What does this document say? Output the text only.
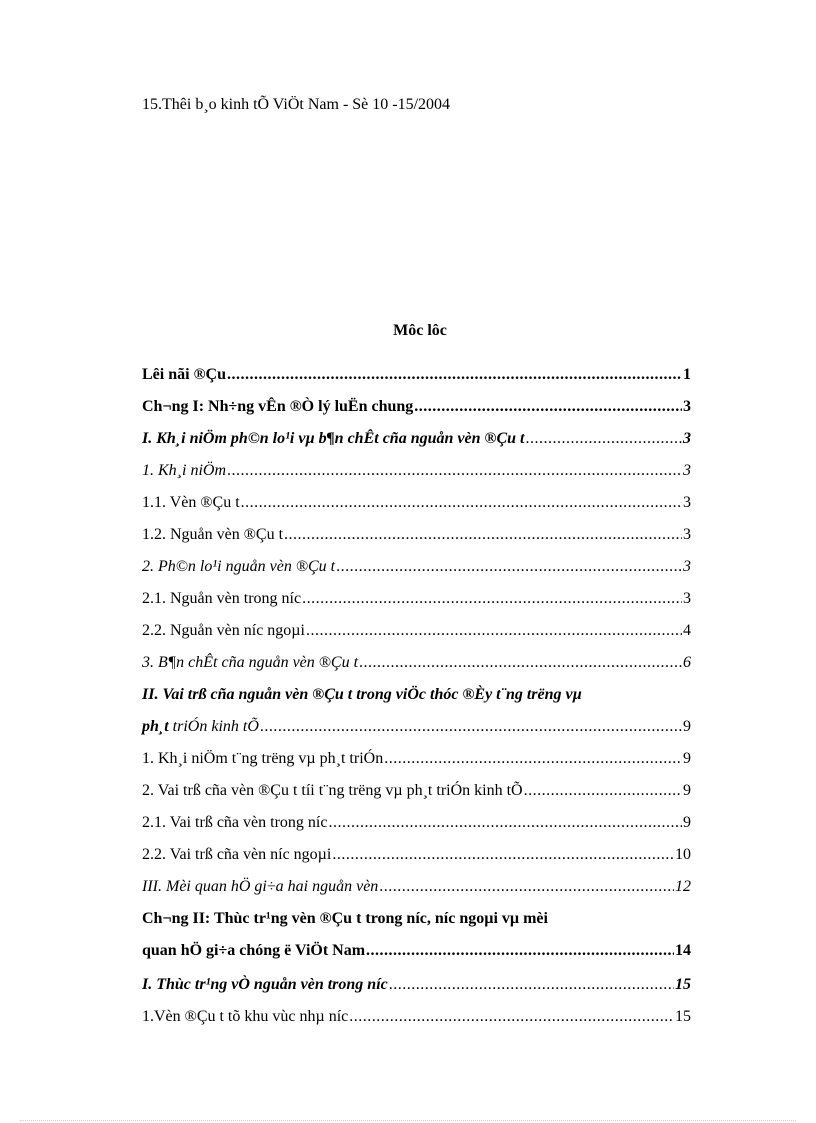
15.Thêi b¸o kinh tÕ ViÖt Nam - Sè 10 -15/2004
Môc lôc
Lêi nãi ®Çu .....	1
Ch¬ng I: Nh÷ng vÊn ®Ò lý luËn chung .....	3
I. Kh¸i niÖm ph©n lo¹i vµ b¶n chÊt cña nguån vèn ®Çu t .....	3
1. Kh¸i niÖm .....	3
1.1. Vèn ®Çu t .....	3
1.2. Nguån vèn ®Çu t .....	3
2. Ph©n lo¹i nguån vèn ®Çu t .....	3
2.1. Nguån vèn trong níc .....	3
2.2. Nguån vèn níc ngoµi .....	4
3. B¶n chÊt cña nguån vèn ®Çu t .....	6
II. Vai trß cña nguån vèn ®Çu t trong viÖc thóc ®Èy t¨ng trëng vµ
ph¸t triÓn kinh tÕ .....	9
1. Kh¸i niÖm t¨ng trëng vµ ph¸t triÓn .....	9
2. Vai trß cña vèn ®Çu t tíi t¨ng trëng vµ ph¸t triÓn kinh tÕ .....	9
2.1. Vai trß cña vèn trong níc .....	9
2.2. Vai trß cña vèn níc ngoµi .....	10
III. Mèi quan hÖ gi÷a hai nguån vèn .....	12
Ch¬ng II: Thùc tr¹ng vèn ®Çu t trong níc, níc ngoµi vµ mèi
quan hÖ gi÷a chóng ë ViÖt Nam .....	14
I. Thùc tr¹ng vÒ nguån vèn trong níc .....	15
1.Vèn ®Çu t tõ khu vùc nhµ níc .....	15
